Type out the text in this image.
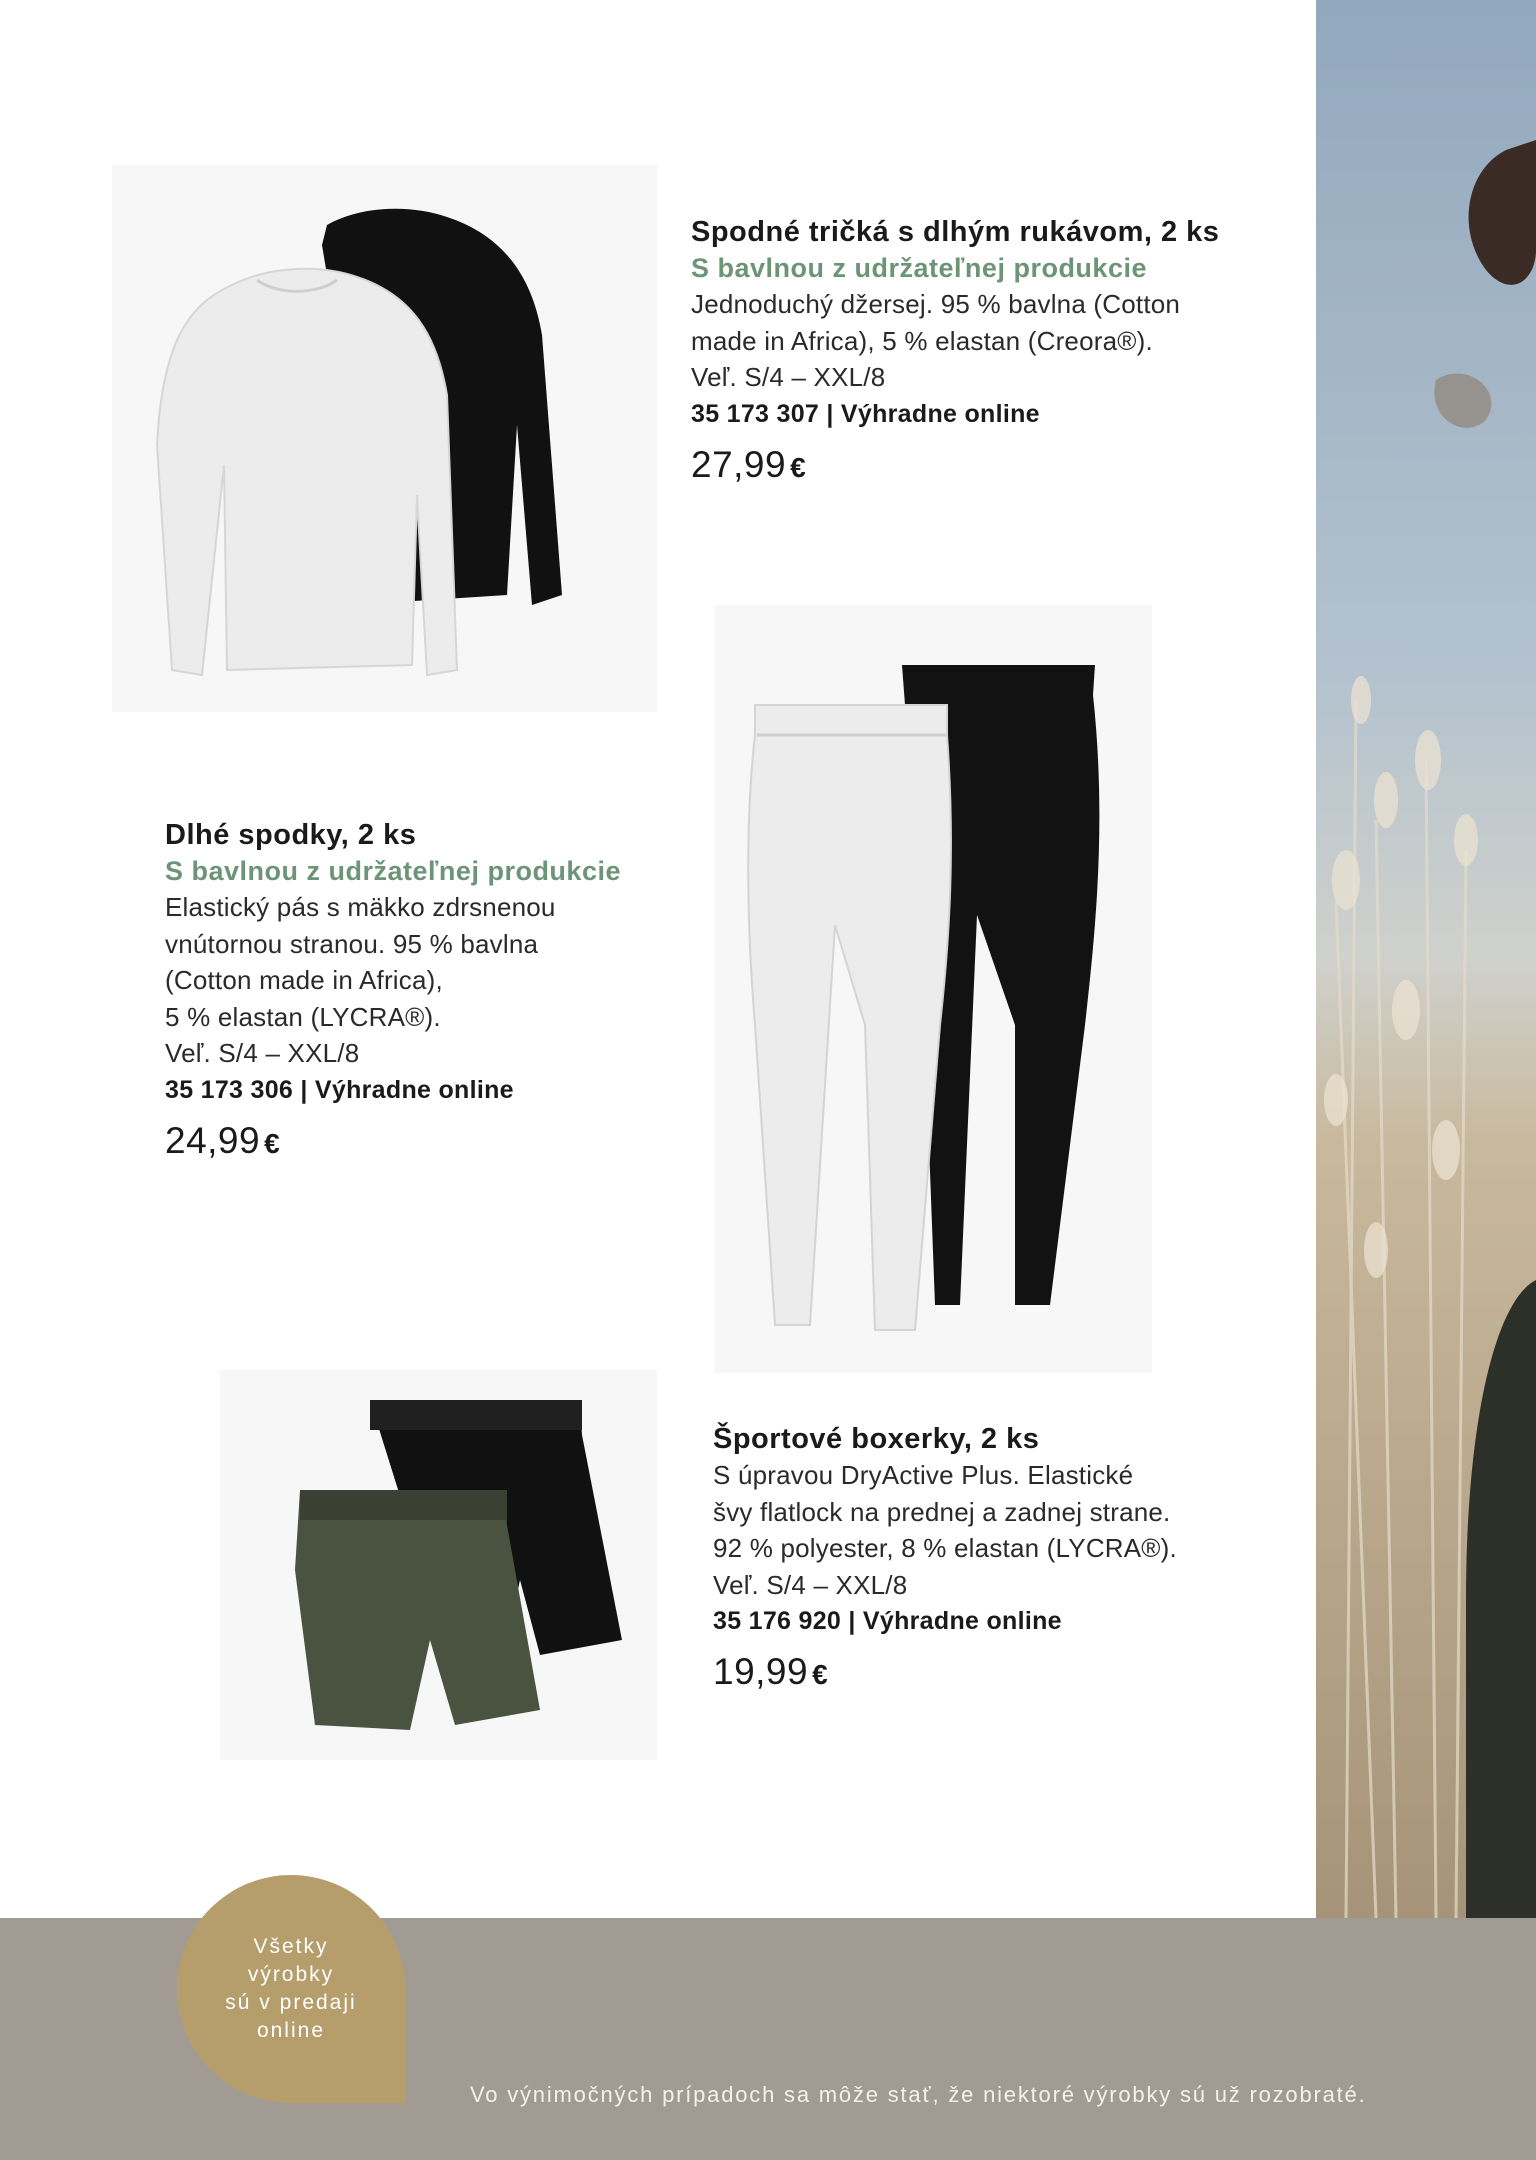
Spodné tričká s dlhým rukávom, 2 ks
S bavlnou z udržateľnej produkcie
Jednoduchý džersej. 95 % bavlna (Cotton
made in Africa), 5 % elastan (Creora®).
Veľ. S/4 – XXL/8
35 173 307 | Výhradne online
27,99 €
Dlhé spodky, 2 ks
S bavlnou z udržateľnej produkcie
Elastický pás s mäkko zdrsnenou
vnútornou stranou. 95 % bavlna
(Cotton made in Africa),
5 % elastan (LYCRA®).
Veľ. S/4 – XXL/8
35 173 306 | Výhradne online
24,99 €
Športové boxerky, 2 ks
S úpravou DryActive Plus. Elastické
švy flatlock na prednej a zadnej strane.
92 % polyester, 8 % elastan (LYCRA®).
Veľ. S/4 – XXL/8
35 176 920 | Výhradne online
19,99 €
Všetky
výrobky
sú v predaji
online
Vo výnimočných prípadoch sa môže stať, že niektoré výrobky sú už rozobraté.
